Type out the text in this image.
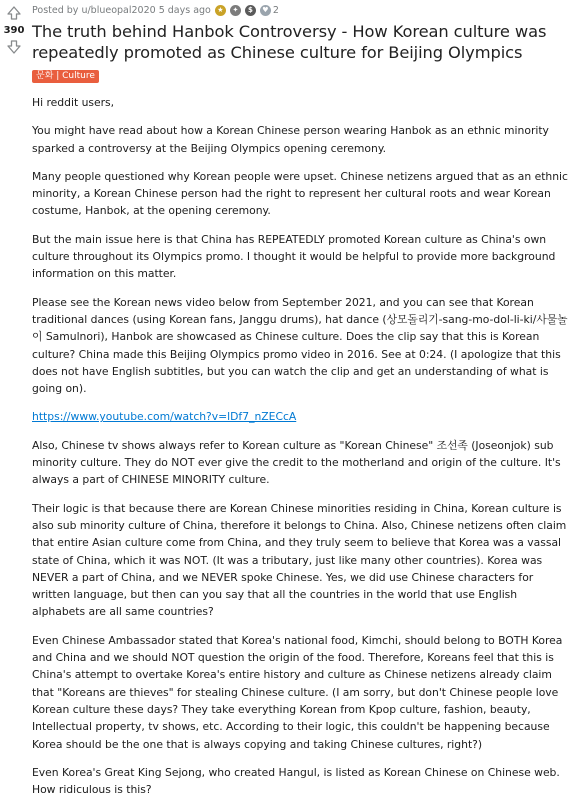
390
Posted by u/blueopal2020 5 days ago ★	✦	$	♥ 2
The truth behind Hanbok Controversy - How Korean culture was repeatedly promoted as Chinese culture for Beijing Olympics
문화 | Culture

Hi reddit users,

You might have read about how a Korean Chinese person wearing Hanbok as an ethnic minority sparked a controversy at the Beijing Olympics opening ceremony.

Many people questioned why Korean people were upset. Chinese netizens argued that as an ethnic minority, a Korean Chinese person had the right to represent her cultural roots and wear Korean costume, Hanbok, at the opening ceremony.

But the main issue here is that China has REPEATEDLY promoted Korean culture as China's own culture throughout its Olympics promo. I thought it would be helpful to provide more background information on this matter.

Please see the Korean news video below from September 2021, and you can see that Korean traditional dances (using Korean fans, Janggu drums), hat dance (상모돌리기-sang-mo-dol-li-ki/사물놀이 Samulnori), Hanbok are showcased as Chinese culture. Does the clip say that this is Korean culture? China made this Beijing Olympics promo video in 2016. See at 0:24. (I apologize that this does not have English subtitles, but you can watch the clip and get an understanding of what is going on).

https://www.youtube.com/watch?v=lDf7_nZECcA

Also, Chinese tv shows always refer to Korean culture as "Korean Chinese" 조선족 (Joseonjok) sub minority culture. They do NOT ever give the credit to the motherland and origin of the culture. It's always a part of CHINESE MINORITY culture.

Their logic is that because there are Korean Chinese minorities residing in China, Korean culture is also sub minority culture of China, therefore it belongs to China. Also, Chinese netizens often claim that entire Asian culture come from China, and they truly seem to believe that Korea was a vassal state of China, which it was NOT. (It was a tributary, just like many other countries). Korea was NEVER a part of China, and we NEVER spoke Chinese. Yes, we did use Chinese characters for written language, but then can you say that all the countries in the world that use English alphabets are all same countries?

Even Chinese Ambassador stated that Korea's national food, Kimchi, should belong to BOTH Korea and China and we should NOT question the origin of the food. Therefore, Koreans feel that this is China's attempt to overtake Korea's entire history and culture as Chinese netizens already claim that "Koreans are thieves" for stealing Chinese culture. (I am sorry, but don't Chinese people love Korean culture these days? They take everything Korean from Kpop culture, fashion, beauty, Intellectual property, tv shows, etc. According to their logic, this couldn't be happening because Korea should be the one that is always copying and taking Chinese cultures, right?)

Even Korea's Great King Sejong, who created Hangul, is listed as Korean Chinese on Chinese web. How ridiculous is this?
